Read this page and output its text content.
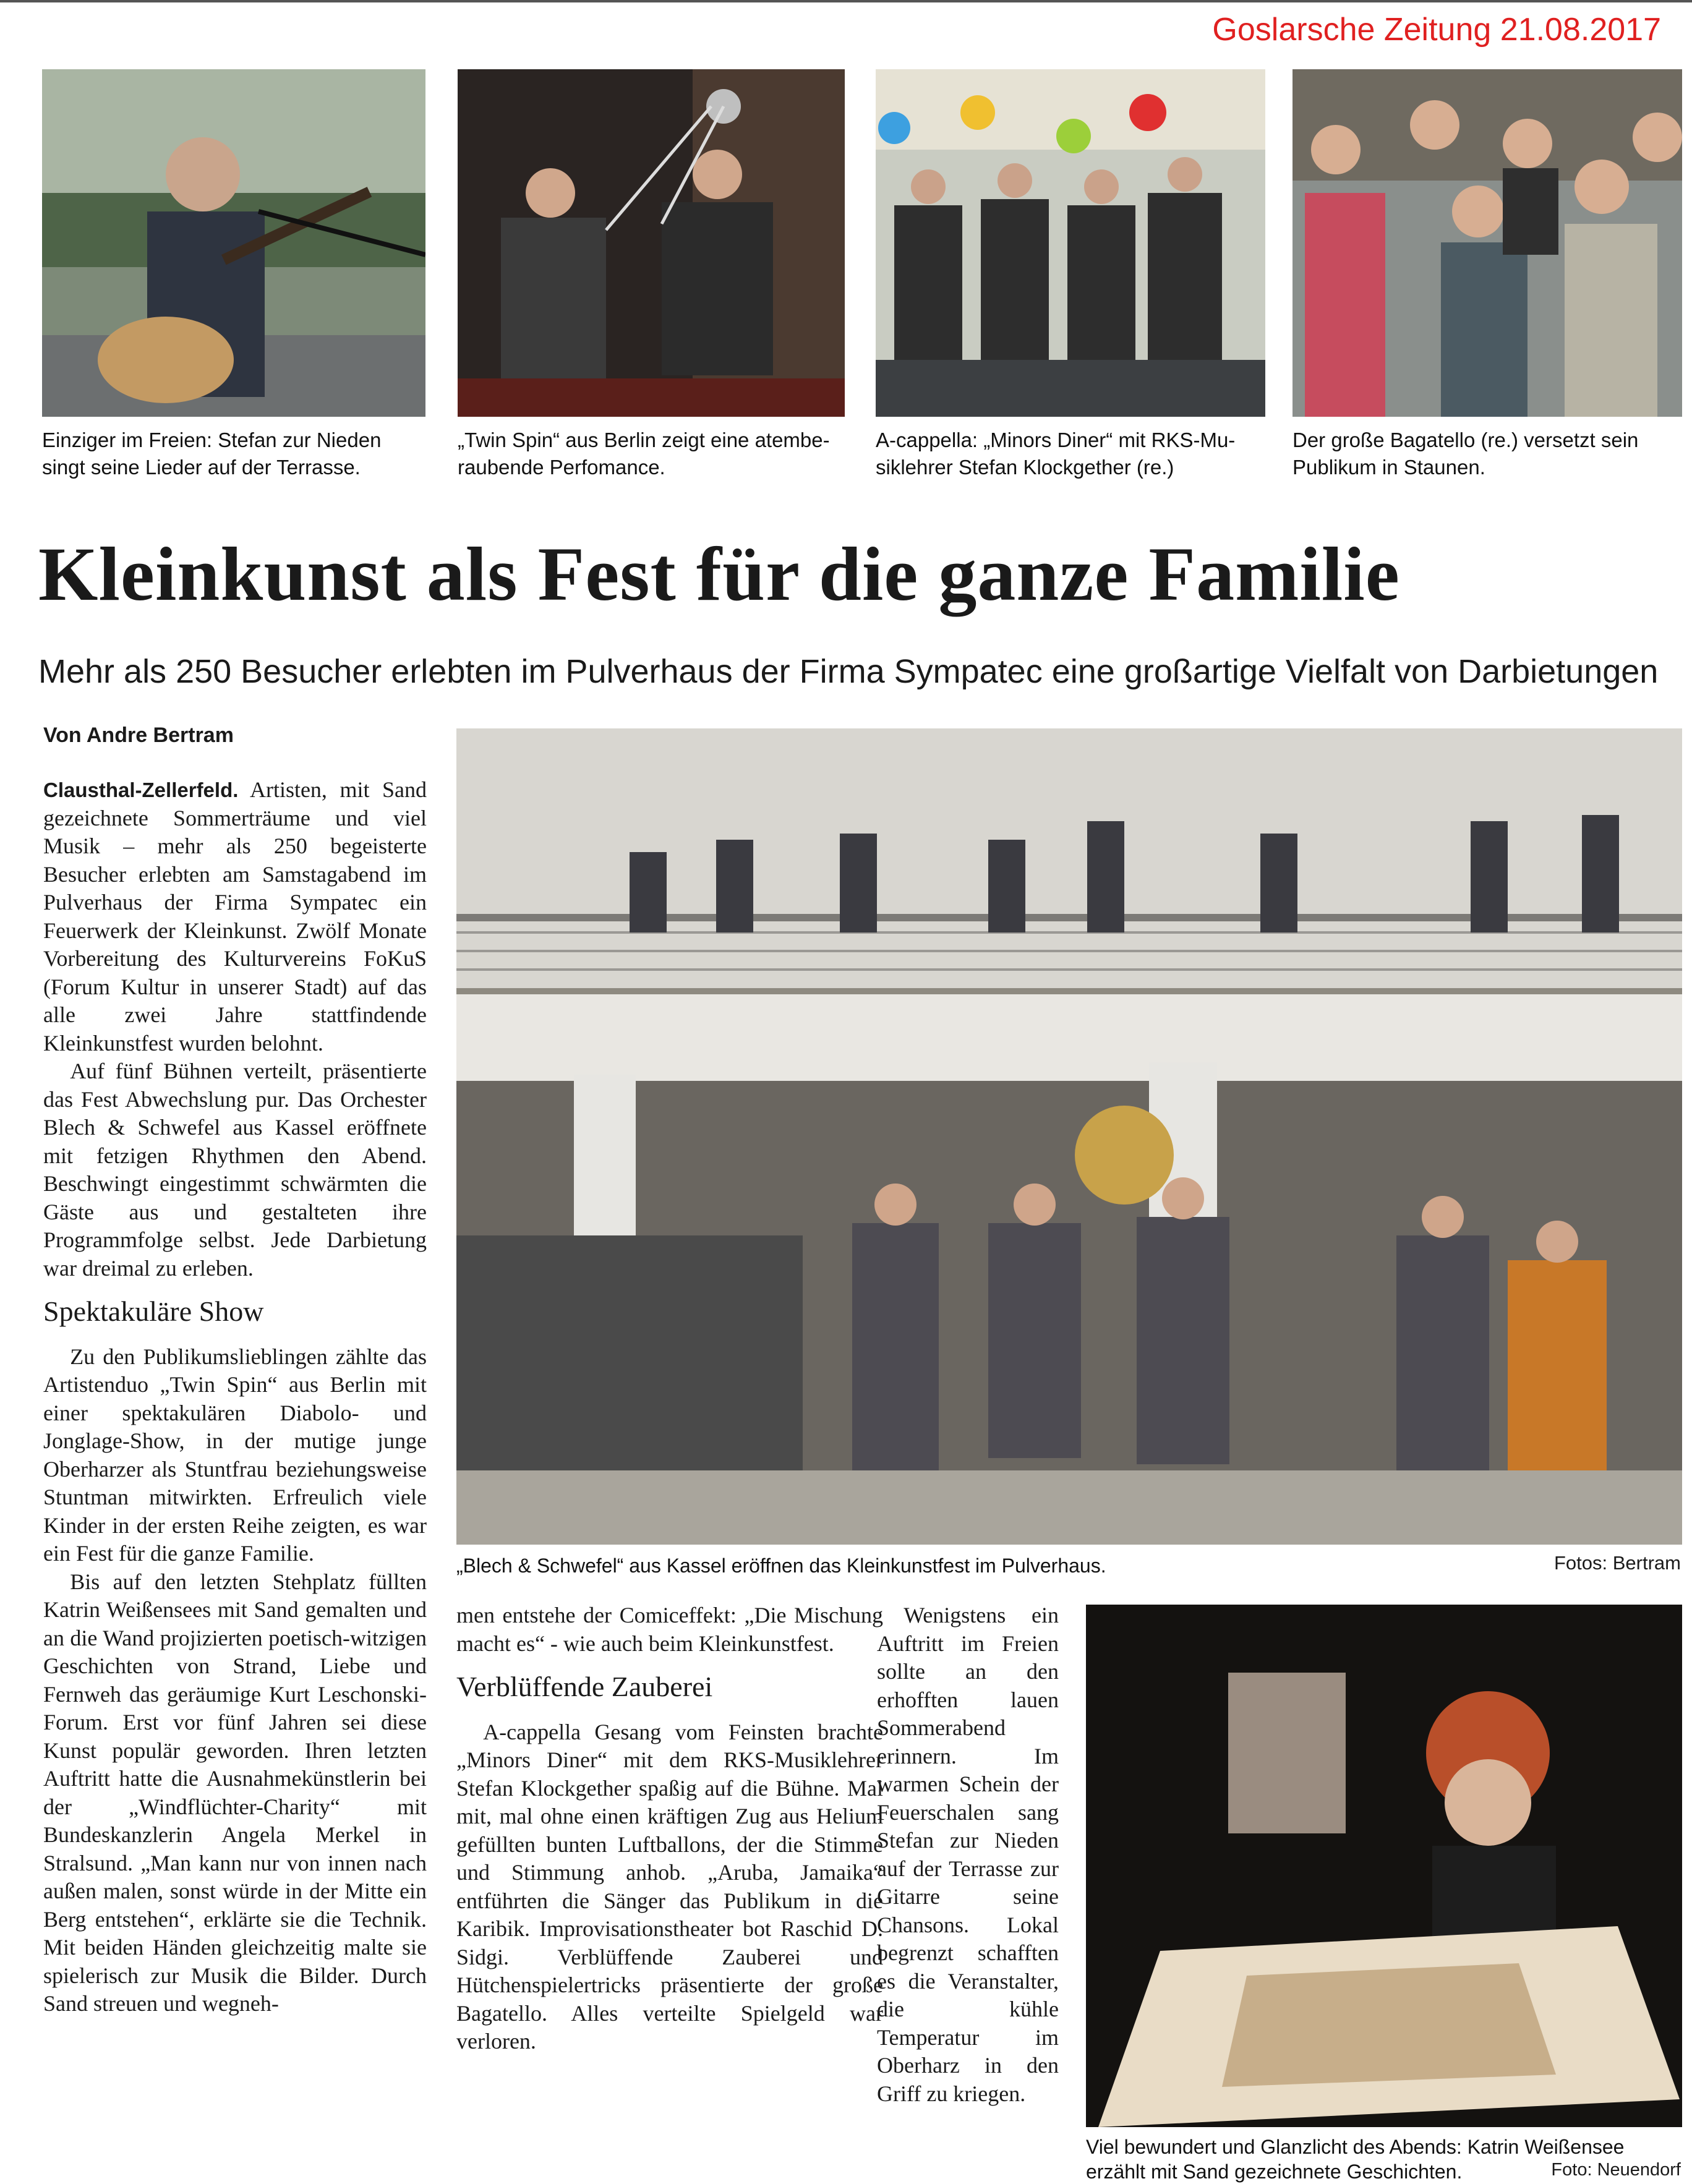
Goslarsche Zeitung 21.08.2017
Einziger im Freien: Stefan zur Nieden singt seine Lieder auf der Terrasse.
„Twin Spin“ aus Berlin zeigt eine atembe-raubende Perfomance.
A-cappella: „Minors Diner“ mit RKS-Mu-siklehrer Stefan Klockgether (re.)
Der große Bagatello (re.) versetzt sein Publikum in Staunen.
Kleinkunst als Fest für die ganze Familie
Mehr als 250 Besucher erlebten im Pulverhaus der Firma Sympatec eine großartige Vielfalt von Darbietungen
Von Andre Bertram
„Blech & Schwefel“ aus Kassel eröffnen das Kleinkunstfest im Pulverhaus.	Fotos: Bertram
Viel bewundert und Glanzlicht des Abends: Katrin Weißensee erzählt mit Sand gezeichnete Geschichten.	Foto: Neuendorf

Clausthal-Zellerfeld. Artisten, mit Sand gezeichnete Sommerträume und viel Musik – mehr als 250 begeisterte Besucher erlebten am Samstagabend im Pulverhaus der Firma Sympatec ein Feuerwerk der Kleinkunst. Zwölf Monate Vorbereitung des Kulturvereins FoKuS (Forum Kultur in unserer Stadt) auf das alle zwei Jahre stattfindende Kleinkunstfest wurden belohnt.

Auf fünf Bühnen verteilt, präsentierte das Fest Abwechslung pur. Das Orchester Blech & Schwefel aus Kassel eröffnete mit fetzigen Rhythmen den Abend. Beschwingt eingestimmt schwärmten die Gäste aus und gestalteten ihre Programmfolge selbst. Jede Darbietung war dreimal zu erleben.

Spektakuläre Show

Zu den Publikumslieblingen zählte das Artistenduo „Twin Spin“ aus Berlin mit einer spektakulären Diabolo- und Jonglage-Show, in der mutige junge Oberharzer als Stuntfrau beziehungsweise Stuntman mitwirkten. Erfreulich viele Kinder in der ersten Reihe zeigten, es war ein Fest für die ganze Familie.

Bis auf den letzten Stehplatz füllten Katrin Weißensees mit Sand gemalten und an die Wand projizierten poetisch-witzigen Geschichten von Strand, Liebe und Fernweh das geräumige Kurt Leschonski-Forum. Erst vor fünf Jahren sei diese Kunst populär geworden. Ihren letzten Auftritt hatte die Ausnahmekünstlerin bei der „Windflüchter-Charity“ mit Bundeskanzlerin Angela Merkel in Stralsund. „Man kann nur von innen nach außen malen, sonst würde in der Mitte ein Berg entstehen“, erklärte sie die Technik. Mit beiden Händen gleichzeitig malte sie spielerisch zur Musik die Bilder. Durch Sand streuen und wegneh-

men entstehe der Comiceffekt: „Die Mischung macht es“ - wie auch beim Kleinkunstfest.

Verblüffende Zauberei

A-cappella Gesang vom Feinsten brachte „Minors Diner“ mit dem RKS-Musiklehrer Stefan Klockgether spaßig auf die Bühne. Mal mit, mal ohne einen kräftigen Zug aus Helium gefüllten bunten Luftballons, der die Stimme und Stimmung anhob. „Aruba, Jamaika“ entführten die Sänger das Publikum in die Karibik. Improvisationstheater bot Raschid D. Sidgi. Verblüffende Zauberei und Hütchenspielertricks präsentierte der große Bagatello. Alles verteilte Spielgeld war verloren.

Wenigstens ein Auftritt im Freien sollte an den erhofften lauen Sommerabend erinnern. Im warmen Schein der Feuerschalen sang Stefan zur Nieden auf der Terrasse zur Gitarre seine Chansons. Lokal begrenzt schafften es die Veranstalter, die kühle Temperatur im Oberharz in den Griff zu kriegen.
